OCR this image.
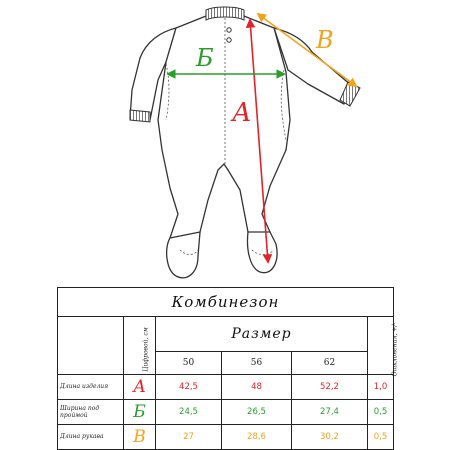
А
Б
В
Комбинезон					
	Цифровой, см	Размер			Отклонения, +/-
		50	56	62	
Длина изделия	А	42,5	48	52,2	1,0
Ширина под проймой	Б	24,5	26,5	27,4	0,5
Длина рукава	В	27	28,6	30,2	0,5
